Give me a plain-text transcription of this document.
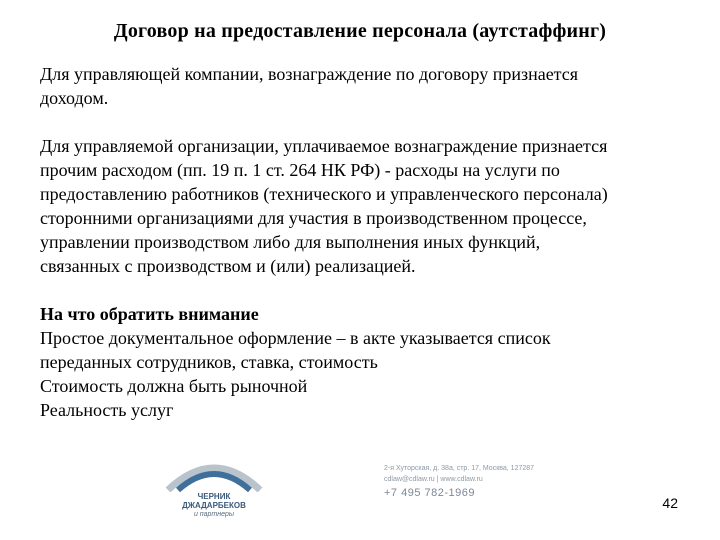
Договор на предоставление персонала (аутстаффинг)

Для управляющей компании, вознаграждение по договору признается

доходом.

Для управляемой организации, уплачиваемое вознаграждение признается

прочим расходом (пп. 19 п. 1 ст. 264 НК РФ) - расходы на услуги по

предоставлению работников (технического и управленческого персонала)

сторонними организациями для участия в производственном процессе,

управлении производством либо для выполнения иных функций,

связанных с производством и (или) реализацией.

На что обратить внимание

Простое документальное оформление – в акте указывается список

переданных сотрудников, ставка, стоимость

Стоимость должна быть рыночной

Реальность услуг

ЧЕРНИК
ДЖАДАРБЕКОВ
и партнеры
2-я Хуторская, д. 38а, стр. 17, Москва, 127287
cdlaw@cdlaw.ru | www.cdlaw.ru
+7 495 782-1969
42
